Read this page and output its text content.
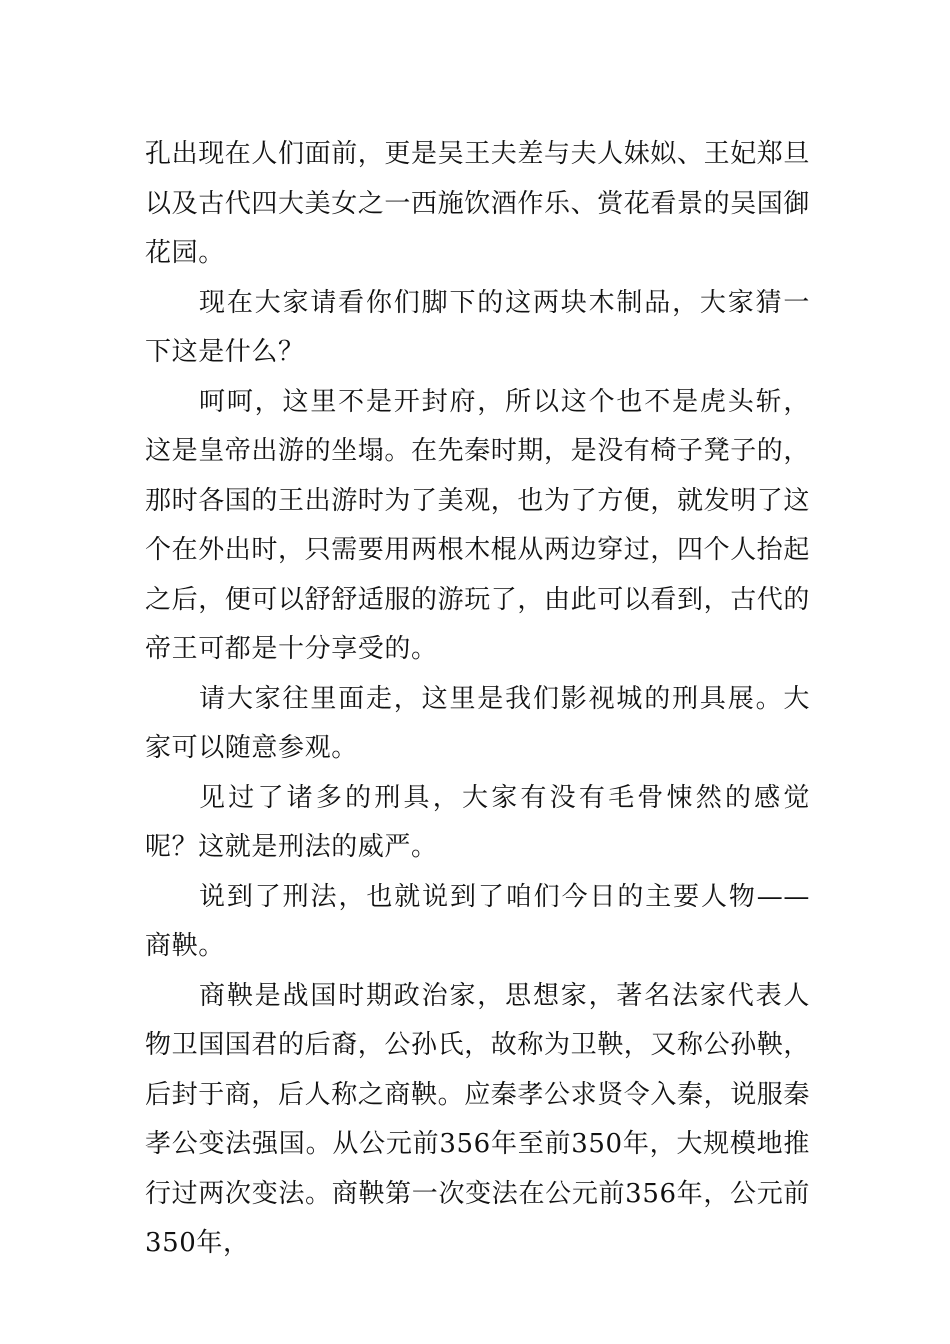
孔出现在人们面前，更是吴王夫差与夫人妹姒、王妃郑旦以及古代四大美女之一西施饮酒作乐、赏花看景的吴国御花园。

现在大家请看你们脚下的这两块木制品，大家猜一下这是什么？

呵呵，这里不是开封府，所以这个也不是虎头斩，这是皇帝出游的坐塌。在先秦时期，是没有椅子凳子的，那时各国的王出游时为了美观，也为了方便，就发明了这个在外出时，只需要用两根木棍从两边穿过，四个人抬起之后，便可以舒舒适服的游玩了，由此可以看到，古代的帝王可都是十分享受的。

请大家往里面走，这里是我们影视城的刑具展。大家可以随意参观。

见过了诸多的刑具，大家有没有毛骨悚然的感觉呢？这就是刑法的威严。

说到了刑法，也就说到了咱们今日的主要人物——商鞅。

商鞅是战国时期政治家，思想家，著名法家代表人物卫国国君的后裔，公孙氏，故称为卫鞅，又称公孙鞅，后封于商，后人称之商鞅。应秦孝公求贤令入秦，说服秦孝公变法强国。从公元前356年至前350年，大规模地推行过两次变法。商鞅第一次变法在公元前356年，公元前350年，
